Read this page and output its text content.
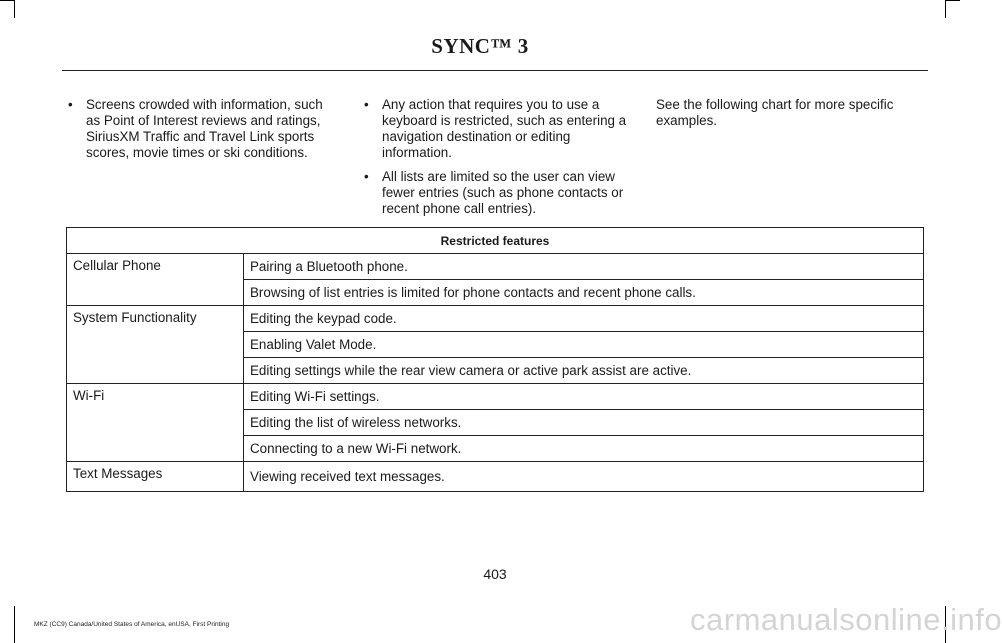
SYNC™ 3
• Screens crowded with information, such as Point of Interest reviews and ratings, SiriusXM Traffic and Travel Link sports scores, movie times or ski conditions.
• Any action that requires you to use a keyboard is restricted, such as entering a navigation destination or editing information.
• All lists are limited so the user can view fewer entries (such as phone contacts or recent phone call entries).

See the following chart for more specific examples.

Restricted features	
Cellular Phone	Pairing a Bluetooth phone.
	Browsing of list entries is limited for phone contacts and recent phone calls.
System Functionality	Editing the keypad code.
	Enabling Valet Mode.
	Editing settings while the rear view camera or active park assist are active.
Wi-Fi	Editing Wi-Fi settings.
	Editing the list of wireless networks.
	Connecting to a new Wi-Fi network.
Text Messages	Viewing received text messages.
403
MKZ (CC9) Canada/United States of America, enUSA, First Printing	carmanualsonline.info
